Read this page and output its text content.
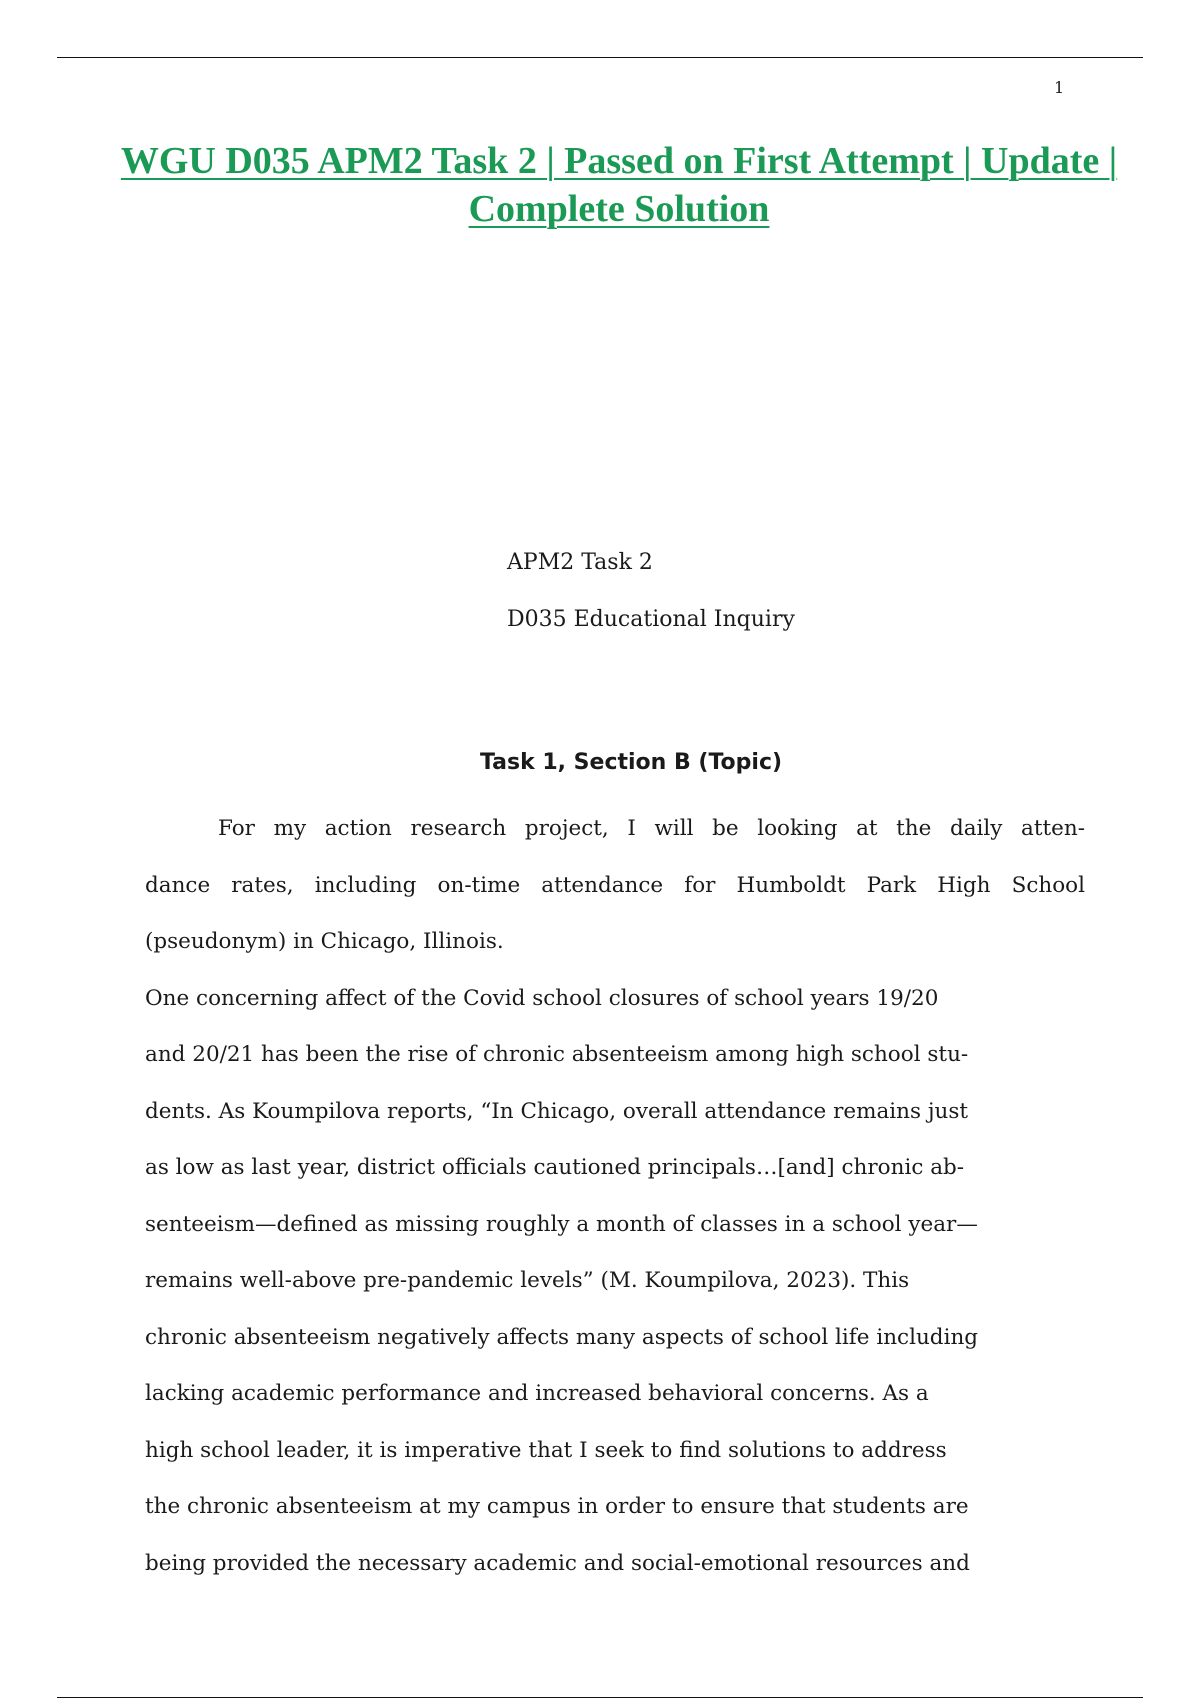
1
WGU D035 APM2 Task 2 | Passed on First Attempt | Update | Complete Solution
APM2 Task 2
D035 Educational Inquiry
Task 1, Section B (Topic)
For my action research project, I will be looking at the daily atten-
dance rates, including on-time attendance for Humboldt Park High School
(pseudonym) in Chicago, Illinois.
One concerning affect of the Covid school closures of school years 19/20
and 20/21 has been the rise of chronic absenteeism among high school stu-
dents. As Koumpilova reports, “In Chicago, overall attendance remains just
as low as last year, district officials cautioned principals…[and] chronic ab-
senteeism—defined as missing roughly a month of classes in a school year—
remains well-above pre-pandemic levels” (M. Koumpilova, 2023). This
chronic absenteeism negatively affects many aspects of school life including
lacking academic performance and increased behavioral concerns. As a
high school leader, it is imperative that I seek to find solutions to address
the chronic absenteeism at my campus in order to ensure that students are
being provided the necessary academic and social-emotional resources and
